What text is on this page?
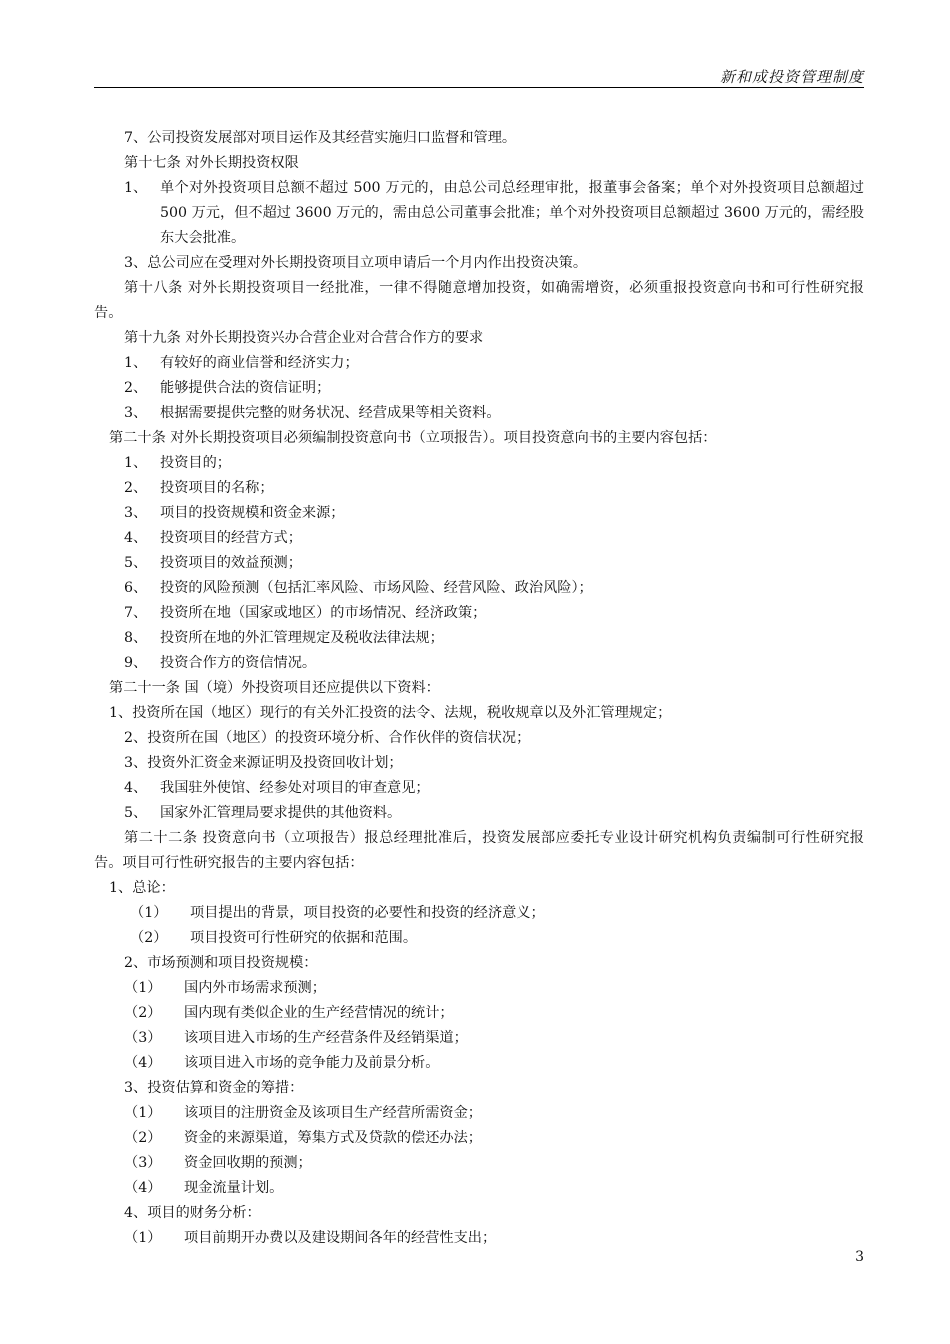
新和成投资管理制度

7、公司投资发展部对项目运作及其经营实施归口监督和管理。

第十七条 对外长期投资权限

1、 单个对外投资项目总额不超过 500 万元的，由总公司总经理审批，报董事会备案；单个对外投资项目总额超过 500 万元，但不超过 3600 万元的，需由总公司董事会批准；单个对外投资项目总额超过 3600 万元的，需经股东大会批准。

3、总公司应在受理对外长期投资项目立项申请后一个月内作出投资决策。

第十八条 对外长期投资项目一经批准，一律不得随意增加投资，如确需增资，必须重报投资意向书和可行性研究报告。

第十九条 对外长期投资兴办合营企业对合营合作方的要求

1、 有较好的商业信誉和经济实力；

2、 能够提供合法的资信证明；

3、 根据需要提供完整的财务状况、经营成果等相关资料。

第二十条 对外长期投资项目必须编制投资意向书（立项报告）。项目投资意向书的主要内容包括：

1、 投资目的；

2、 投资项目的名称；

3、 项目的投资规模和资金来源；

4、 投资项目的经营方式；

5、 投资项目的效益预测；

6、 投资的风险预测（包括汇率风险、市场风险、经营风险、政治风险）；

7、 投资所在地（国家或地区）的市场情况、经济政策；

8、 投资所在地的外汇管理规定及税收法律法规；

9、 投资合作方的资信情况。

第二十一条 国（境）外投资项目还应提供以下资料：

1、投资所在国（地区）现行的有关外汇投资的法令、法规，税收规章以及外汇管理规定；

2、投资所在国（地区）的投资环境分析、合作伙伴的资信状况；

3、投资外汇资金来源证明及投资回收计划；

4、 我国驻外使馆、经参处对项目的审查意见；

5、 国家外汇管理局要求提供的其他资料。

第二十二条 投资意向书（立项报告）报总经理批准后，投资发展部应委托专业设计研究机构负责编制可行性研究报告。项目可行性研究报告的主要内容包括：

1、总论：

（1） 项目提出的背景，项目投资的必要性和投资的经济意义；

（2） 项目投资可行性研究的依据和范围。

2、市场预测和项目投资规模：

（1） 国内外市场需求预测；

（2） 国内现有类似企业的生产经营情况的统计；

（3） 该项目进入市场的生产经营条件及经销渠道；

（4） 该项目进入市场的竞争能力及前景分析。

3、投资估算和资金的筹措：

（1） 该项目的注册资金及该项目生产经营所需资金；

（2） 资金的来源渠道，筹集方式及贷款的偿还办法；

（3） 资金回收期的预测；

（4） 现金流量计划。

4、项目的财务分析：

（1） 项目前期开办费以及建设期间各年的经营性支出；

3
